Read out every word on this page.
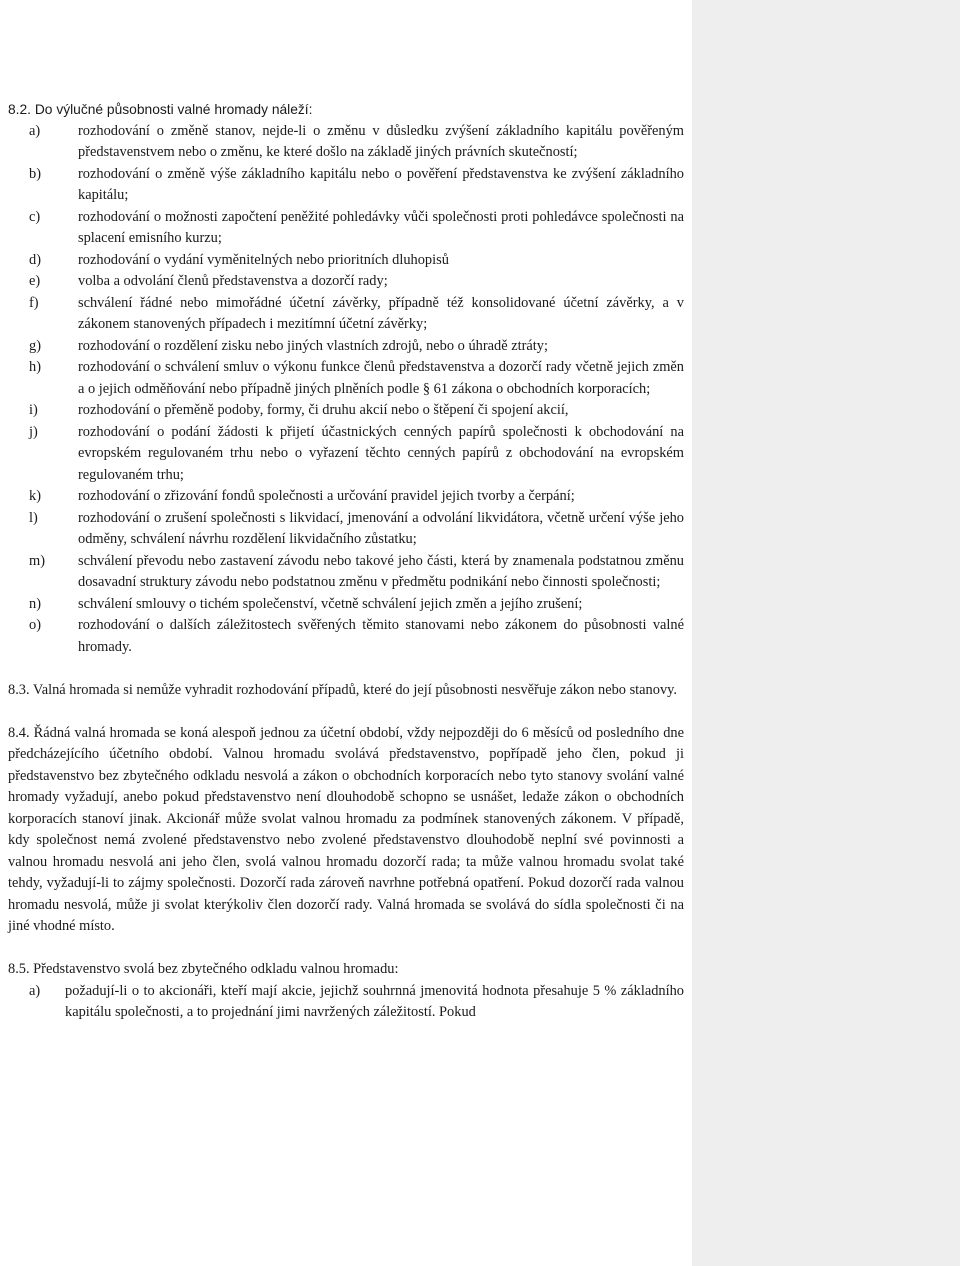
8.2. Do výlučné působnosti valné hromady náleží:

a)	rozhodování o změně stanov, nejde-li o změnu v důsledku zvýšení základního kapitálu pověřeným představenstvem nebo o změnu, ke které došlo na základě jiných právních skutečností;
b)	rozhodování o změně výše základního kapitálu nebo o pověření představenstva ke zvýšení základního kapitálu;
c)	rozhodování o možnosti započtení peněžité pohledávky vůči společnosti proti pohledávce společnosti na splacení emisního kurzu;
d)	rozhodování o vydání vyměnitelných nebo prioritních dluhopisů
e)	volba a odvolání členů představenstva a dozorčí rady;
f)	schválení řádné nebo mimořádné účetní závěrky, případně též konsolidované účetní závěrky, a v zákonem stanovených případech i mezitímní účetní závěrky;
g)	rozhodování o rozdělení zisku nebo jiných vlastních zdrojů, nebo o úhradě ztráty;
h)	rozhodování o schválení smluv o výkonu funkce členů představenstva a dozorčí rady včetně jejich změn a o jejich odměňování nebo případně jiných plněních podle § 61 zákona o obchodních korporacích;
i)	rozhodování o přeměně podoby, formy, či druhu akcií nebo o štěpení či spojení akcií,
j)	rozhodování o podání žádosti k přijetí účastnických cenných papírů společnosti k obchodování na evropském regulovaném trhu nebo o vyřazení těchto cenných papírů z obchodování na evropském regulovaném trhu;
k)	rozhodování o zřizování fondů společnosti a určování pravidel jejich tvorby a čerpání;
l)	rozhodování o zrušení společnosti s likvidací, jmenování a odvolání likvidátora, včetně určení výše jeho odměny, schválení návrhu rozdělení likvidačního zůstatku;
m) schválení převodu nebo zastavení závodu nebo takové jeho části, která by znamenala podstatnou změnu dosavadní struktury závodu nebo podstatnou změnu v předmětu podnikání nebo činnosti společnosti;
n)	schválení smlouvy o tichém společenství, včetně schválení jejich změn a jejího zrušení;
o)	rozhodování o dalších záležitostech svěřených těmito stanovami nebo zákonem do působnosti valné hromady.

8.3. Valná hromada si nemůže vyhradit rozhodování případů, které do její působnosti nesvěřuje zákon nebo stanovy.

8.4. Řádná valná hromada se koná alespoň jednou za účetní období, vždy nejpozději do 6 měsíců od posledního dne předcházejícího účetního období. Valnou hromadu svolává představenstvo, popřípadě jeho člen, pokud ji představenstvo bez zbytečného odkladu nesvolá a zákon o obchodních korporacích nebo tyto stanovy svolání valné hromady vyžadují, anebo pokud představenstvo není dlouhodobě schopno se usnášet, ledaže zákon o obchodních korporacích stanoví jinak. Akcionář může svolat valnou hromadu za podmínek stanovených zákonem. V případě, kdy společnost nemá zvolené představenstvo nebo zvolené představenstvo dlouhodobě neplní své povinnosti a valnou hromadu nesvolá ani jeho člen, svolá valnou hromadu dozorčí rada; ta může valnou hromadu svolat také tehdy, vyžadují-li to zájmy společnosti. Dozorčí rada zároveň navrhne potřebná opatření. Pokud dozorčí rada valnou hromadu nesvolá, může ji svolat kterýkoliv člen dozorčí rady. Valná hromada se svolává do sídla společnosti či na jiné vhodné místo.

8.5. Představenstvo svolá bez zbytečného odkladu valnou hromadu:

a) požadují-li o to akcionáři, kteří mají akcie, jejichž souhrnná jmenovitá hodnota přesahuje 5 % základního kapitálu společnosti, a to projednání jimi navržených záležitostí. Pokud
